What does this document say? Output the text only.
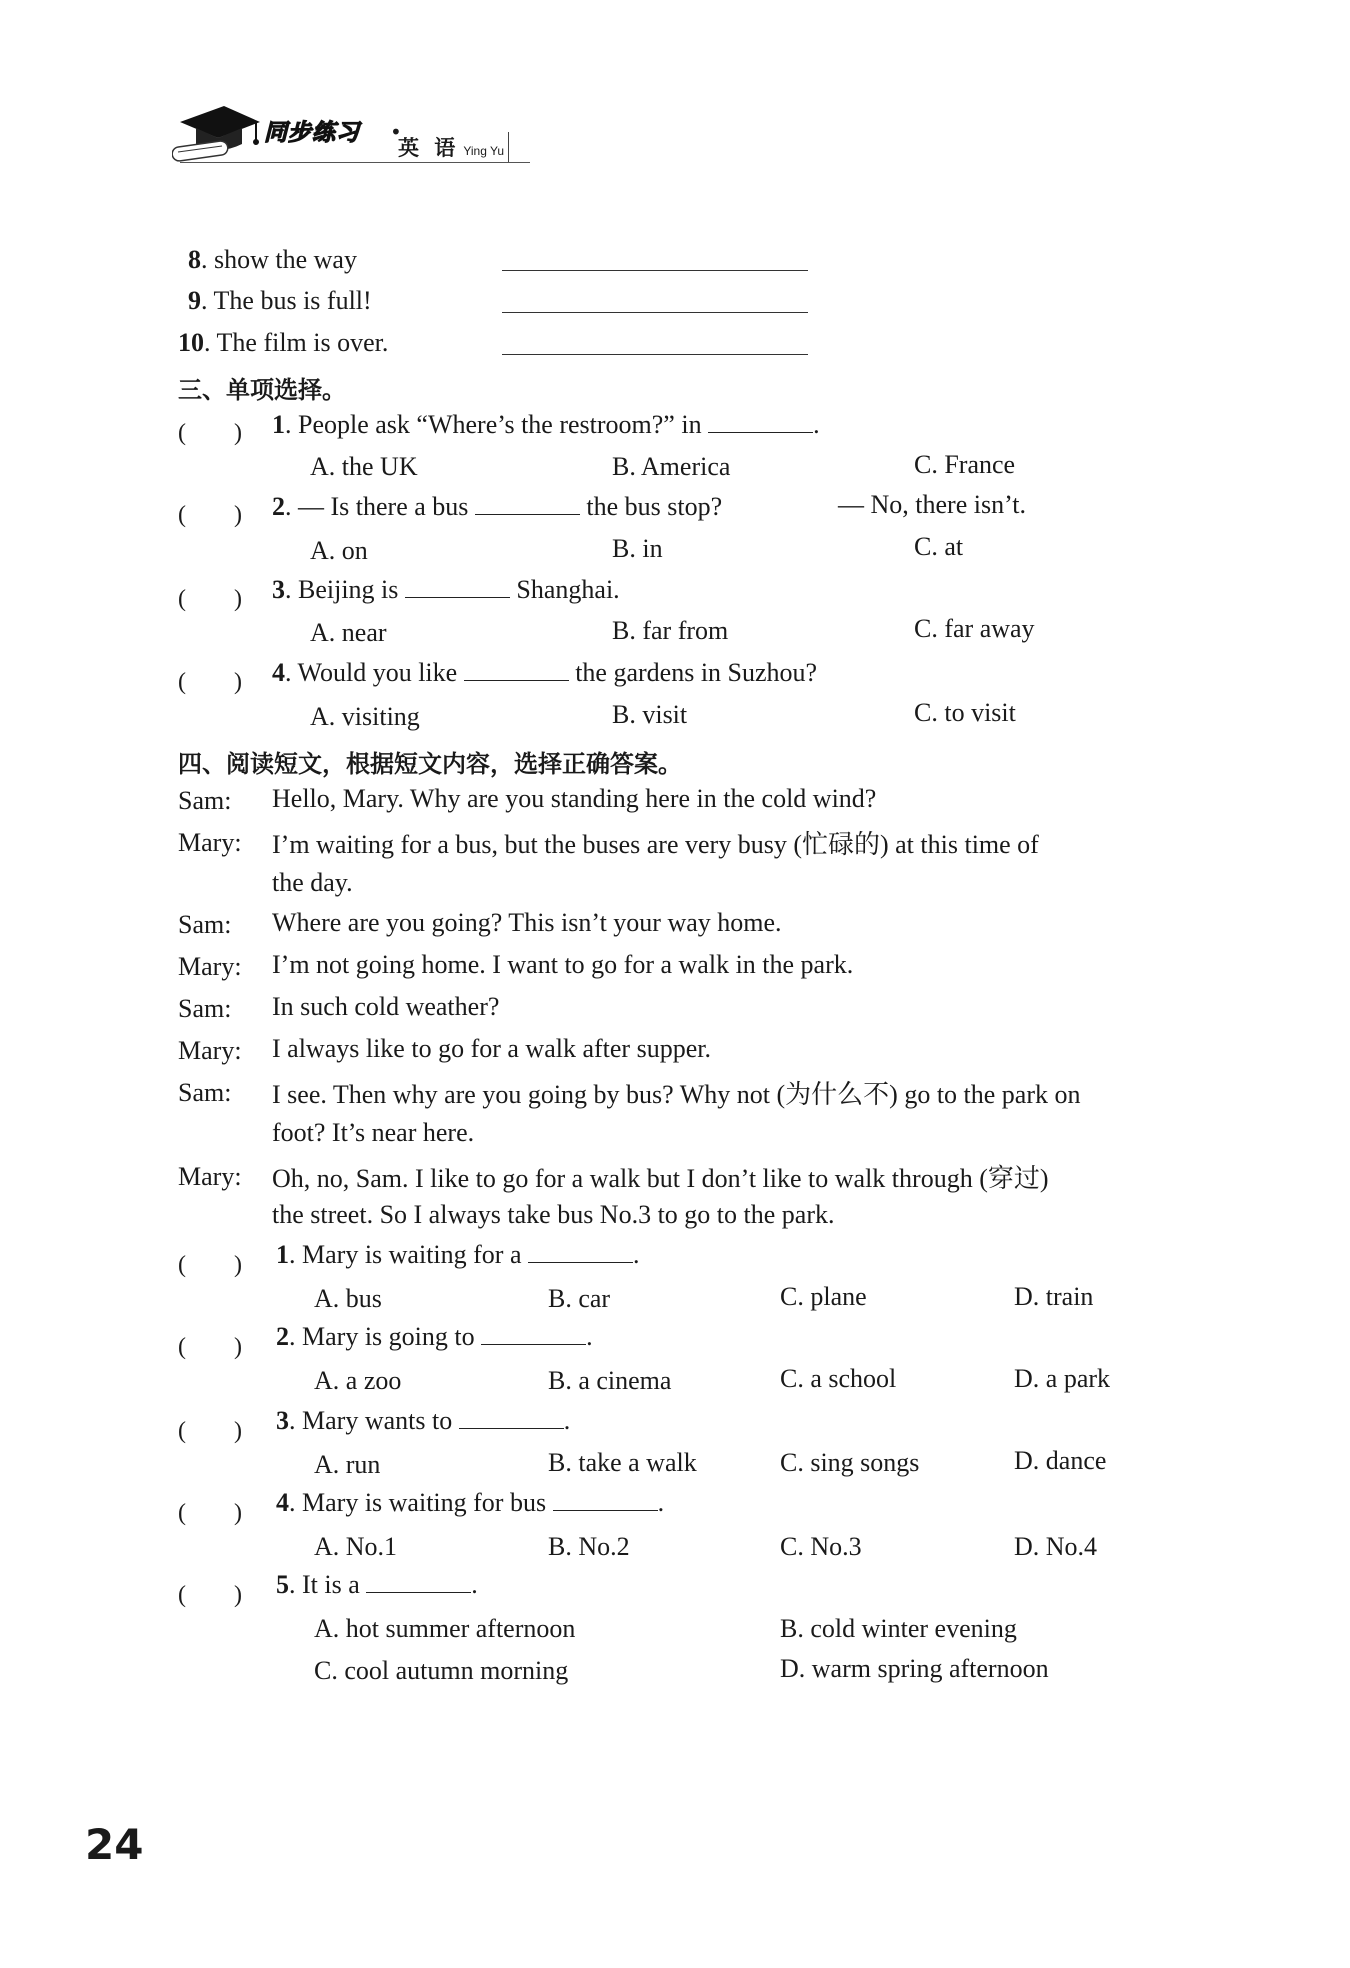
同步练习 •
英 语 Ying Yu
8. show the way
9. The bus is full!
10. The film is over.
三、单项选择。
(　　) 1. People ask “Where’s the restroom?” in	.
A. the UK	B. America	C. France
(　　) 2. — Is there a bus	the bus stop?	— No, there isn’t.
A. on	B. in	C. at
(　　) 3. Beijing is	Shanghai.
A. near	B. far from	C. far away
(　　) 4. Would you like	the gardens in Suzhou?
A. visiting	B. visit	C. to visit
四、阅读短文，根据短文内容，选择正确答案。
Sam: Hello, Mary. Why are you standing here in the cold wind?
Mary: I’m waiting for a bus, but the buses are very busy (忙碌的) at this time of
the day.
Sam: Where are you going? This isn’t your way home.
Mary: I’m not going home. I want to go for a walk in the park.
Sam: In such cold weather?
Mary: I always like to go for a walk after supper.
Sam: I see. Then why are you going by bus? Why not (为什么不) go to the park on
foot? It’s near here.
Mary: Oh, no, Sam. I like to go for a walk but I don’t like to walk through (穿过)
the street. So I always take bus No.3 to go to the park.
(　　) 1. Mary is waiting for a	.
A. bus	B. car	C. plane	D. train
(　　) 2. Mary is going to	.
A. a zoo	B. a cinema	C. a school	D. a park
(　　) 3. Mary wants to	.
A. run	B. take a walk	C. sing songs	D. dance
(　　) 4. Mary is waiting for bus	.
A. No.1	B. No.2	C. No.3	D. No.4
(　　) 5. It is a	.
A. hot summer afternoon	B. cold winter evening
C. cool autumn morning	D. warm spring afternoon
24
